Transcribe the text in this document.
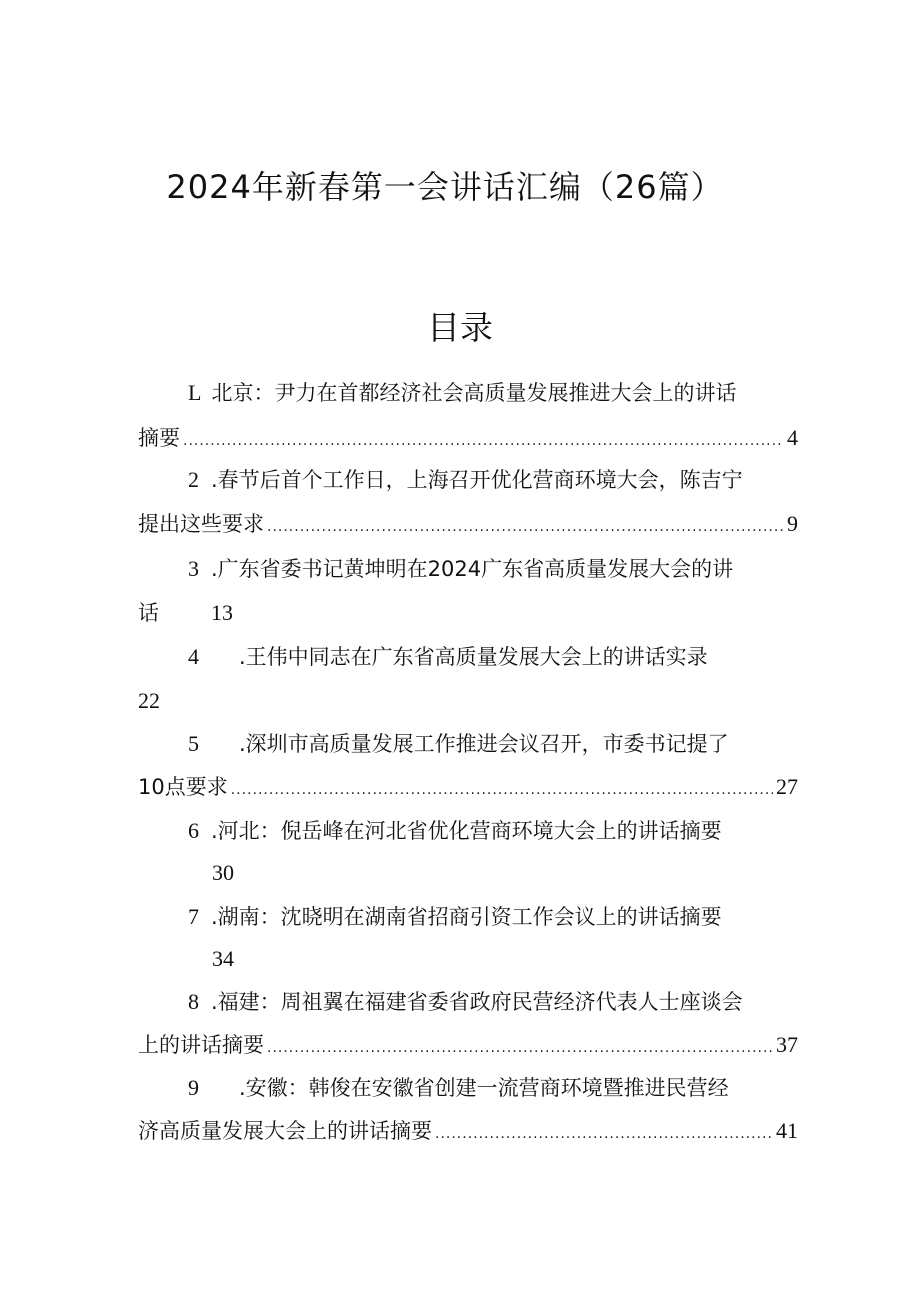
2024年新春第一会讲话汇编（26篇）
目录
L 北京：尹力在首都经济社会高质量发展推进大会上的讲话
摘要 .....	4
2 .春节后首个工作日，上海召开优化营商环境大会，陈吉宁
提出这些要求 .....	9
3 .广东省委书记黄坤明在2024广东省高质量发展大会的讲
话 13
4 .王伟中同志在广东省高质量发展大会上的讲话实录
22
5 .深圳市高质量发展工作推进会议召开，市委书记提了
10点要求 .....	27
6 .河北：倪岳峰在河北省优化营商环境大会上的讲话摘要
30
7 .湖南：沈晓明在湖南省招商引资工作会议上的讲话摘要
34
8 .福建：周祖翼在福建省委省政府民营经济代表人士座谈会
上的讲话摘要 .....	37
9 .安徽：韩俊在安徽省创建一流营商环境暨推进民营经
济高质量发展大会上的讲话摘要 .....	41
